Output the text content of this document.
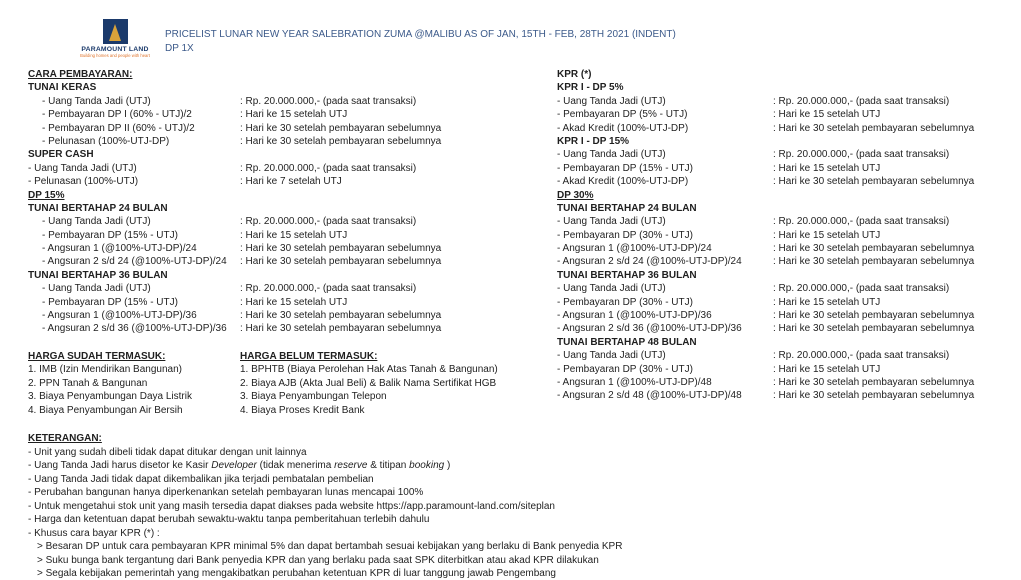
PARAMOUNT LAND
Building homes and people with heart
PRICELIST LUNAR NEW YEAR SALEBRATION ZUMA @MALIBU AS OF JAN, 15TH - FEB, 28TH 2021 (INDENT)
DP 1X
CARA PEMBAYARAN:
TUNAI KERAS
- Uang Tanda Jadi (UTJ)	: Rp. 20.000.000,- (pada saat transaksi)
- Pembayaran DP I (60% - UTJ)/2	: Hari ke 15 setelah UTJ
- Pembayaran DP II (60% - UTJ)/2	: Hari ke 30 setelah pembayaran sebelumnya
- Pelunasan (100%-UTJ-DP)	: Hari ke 30 setelah pembayaran sebelumnya
SUPER CASH
- Uang Tanda Jadi (UTJ)	: Rp. 20.000.000,- (pada saat transaksi)
- Pelunasan (100%-UTJ)	: Hari ke 7 setelah UTJ
DP 15%
TUNAI BERTAHAP 24 BULAN
- Uang Tanda Jadi (UTJ)	: Rp. 20.000.000,- (pada saat transaksi)
- Pembayaran DP (15% - UTJ)	: Hari ke 15 setelah UTJ
- Angsuran 1 (@100%-UTJ-DP)/24	: Hari ke 30 setelah pembayaran sebelumnya
- Angsuran 2 s/d 24 (@100%-UTJ-DP)/24 : Hari ke 30 setelah pembayaran sebelumnya
TUNAI BERTAHAP 36 BULAN
- Uang Tanda Jadi (UTJ)	: Rp. 20.000.000,- (pada saat transaksi)
- Pembayaran DP (15% - UTJ)	: Hari ke 15 setelah UTJ
- Angsuran 1 (@100%-UTJ-DP)/36	: Hari ke 30 setelah pembayaran sebelumnya
- Angsuran 2 s/d 36 (@100%-UTJ-DP)/36 : Hari ke 30 setelah pembayaran sebelumnya
KPR (*)
KPR I - DP 5%
- Uang Tanda Jadi (UTJ)	: Rp. 20.000.000,- (pada saat transaksi)
- Pembayaran DP (5% - UTJ)	: Hari ke 15 setelah UTJ
- Akad Kredit (100%-UTJ-DP)	: Hari ke 30 setelah pembayaran sebelumnya
KPR I - DP 15%
- Uang Tanda Jadi (UTJ)	: Rp. 20.000.000,- (pada saat transaksi)
- Pembayaran DP (15% - UTJ)	: Hari ke 15 setelah UTJ
- Akad Kredit (100%-UTJ-DP)	: Hari ke 30 setelah pembayaran sebelumnya
DP 30%
TUNAI BERTAHAP 24 BULAN
- Uang Tanda Jadi (UTJ)	: Rp. 20.000.000,- (pada saat transaksi)
- Pembayaran DP (30% - UTJ)	: Hari ke 15 setelah UTJ
- Angsuran 1 (@100%-UTJ-DP)/24	: Hari ke 30 setelah pembayaran sebelumnya
- Angsuran 2 s/d 24 (@100%-UTJ-DP)/24	: Hari ke 30 setelah pembayaran sebelumnya
TUNAI BERTAHAP 36 BULAN
- Uang Tanda Jadi (UTJ)	: Rp. 20.000.000,- (pada saat transaksi)
- Pembayaran DP (30% - UTJ)	: Hari ke 15 setelah UTJ
- Angsuran 1 (@100%-UTJ-DP)/36	: Hari ke 30 setelah pembayaran sebelumnya
- Angsuran 2 s/d 36 (@100%-UTJ-DP)/36	: Hari ke 30 setelah pembayaran sebelumnya
TUNAI BERTAHAP 48 BULAN
- Uang Tanda Jadi (UTJ)	: Rp. 20.000.000,- (pada saat transaksi)
- Pembayaran DP (30% - UTJ)	: Hari ke 15 setelah UTJ
- Angsuran 1 (@100%-UTJ-DP)/48	: Hari ke 30 setelah pembayaran sebelumnya
- Angsuran 2 s/d 48 (@100%-UTJ-DP)/48	: Hari ke 30 setelah pembayaran sebelumnya
HARGA SUDAH TERMASUK:	HARGA BELUM TERMASUK:
1. IMB (Izin Mendirikan Bangunan)	1. BPHTB (Biaya Perolehan Hak Atas Tanah & Bangunan)
2. PPN Tanah & Bangunan	2. Biaya AJB (Akta Jual Beli) & Balik Nama Sertifikat HGB
3. Biaya Penyambungan Daya Listrik	3. Biaya Penyambungan Telepon
4. Biaya Penyambungan Air Bersih	4. Biaya Proses Kredit Bank
KETERANGAN:
- Unit yang sudah dibeli tidak dapat ditukar dengan unit lainnya
- Uang Tanda Jadi harus disetor ke Kasir Developer (tidak menerima reserve & titipan booking )
- Uang Tanda Jadi tidak dapat dikembalikan jika terjadi pembatalan pembelian
- Perubahan bangunan hanya diperkenankan setelah pembayaran lunas mencapai 100%
- Untuk mengetahui stok unit yang masih tersedia dapat diakses pada website https://app.paramount-land.com/siteplan
- Harga dan ketentuan dapat berubah sewaktu-waktu tanpa pemberitahuan terlebih dahulu
- Khusus cara bayar KPR (*) :
> Besaran DP untuk cara pembayaran KPR minimal 5% dan dapat bertambah sesuai kebijakan yang berlaku di Bank penyedia KPR
> Suku bunga bank tergantung dari Bank penyedia KPR dan yang berlaku pada saat SPK diterbitkan atau akad KPR dilakukan
> Segala kebijakan pemerintah yang mengakibatkan perubahan ketentuan KPR di luar tanggung jawab Pengembang
